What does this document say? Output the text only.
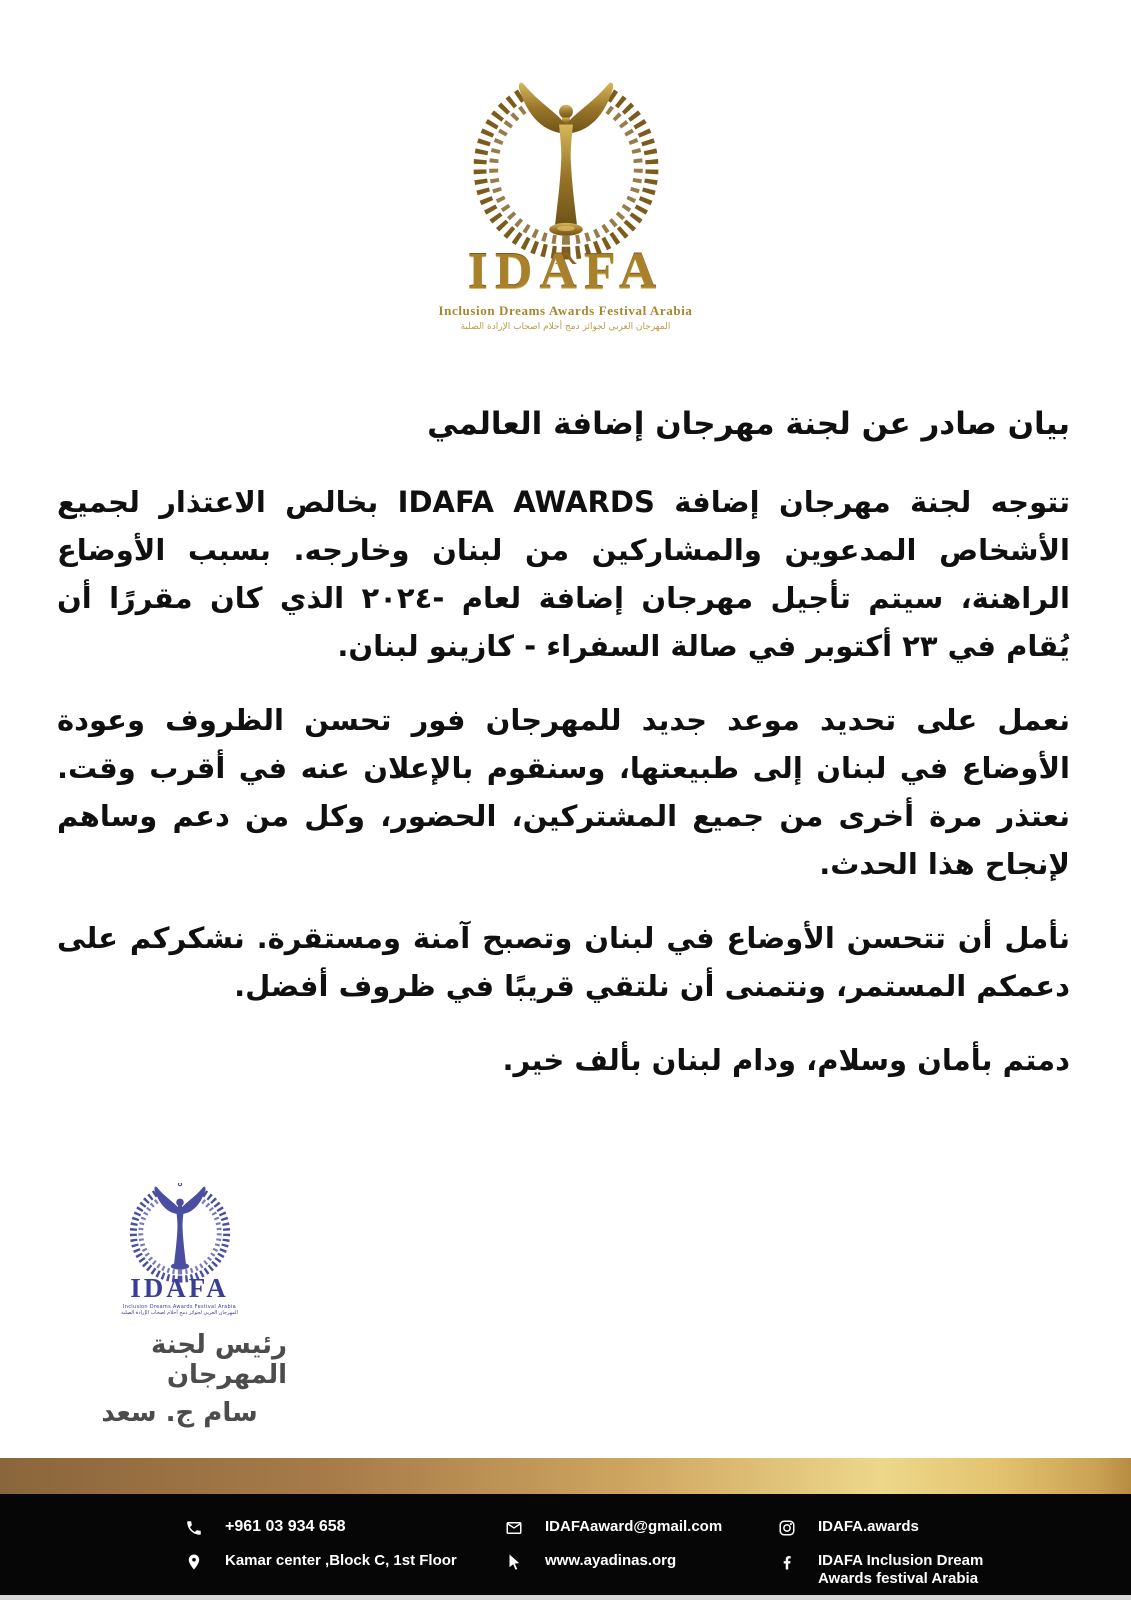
IDAFA
Inclusion Dreams Awards Festival Arabia
المهرجان العربي لجوائز دمج أحلام اصحاب الإرادة الصلبة
بيان صادر عن لجنة مهرجان إضافة العالمي

تتوجه لجنة مهرجان إضافة IDAFA AWARDS بخالص الاعتذار لجميع الأشخاص المدعوين والمشاركين من لبنان وخارجه. بسبب الأوضاع الراهنة، سيتم تأجيل مهرجان إضافة لعام -٢٠٢٤ الذي كان مقررًا أن يُقام في ٢٣ أكتوبر في صالة السفراء - كازينو لبنان.

نعمل على تحديد موعد جديد للمهرجان فور تحسن الظروف وعودة الأوضاع في لبنان إلى طبيعتها، وسنقوم بالإعلان عنه في أقرب وقت. نعتذر مرة أخرى من جميع المشتركين، الحضور، وكل من دعم وساهم لإنجاح هذا الحدث.

نأمل أن تتحسن الأوضاع في لبنان وتصبح آمنة ومستقرة. نشكركم على دعمكم المستمر، ونتمنى أن نلتقي قريبًا في ظروف أفضل.

دمتم بأمان وسلام، ودام لبنان بألف خير.

IDAFA
Inclusion Dreams Awards Festival Arabia
المهرجان العربي لجوائز دمج أحلام اصحاب الإرادة الصلبة
رئيس لجنة المهرجان
سام ج. سعد
+961 03 934 658
Kamar center ,Block C, 1st Floor
IDAFAaward@gmail.com
www.ayadinas.org
IDAFA.awards
IDAFA Inclusion Dream Awards festival Arabia
